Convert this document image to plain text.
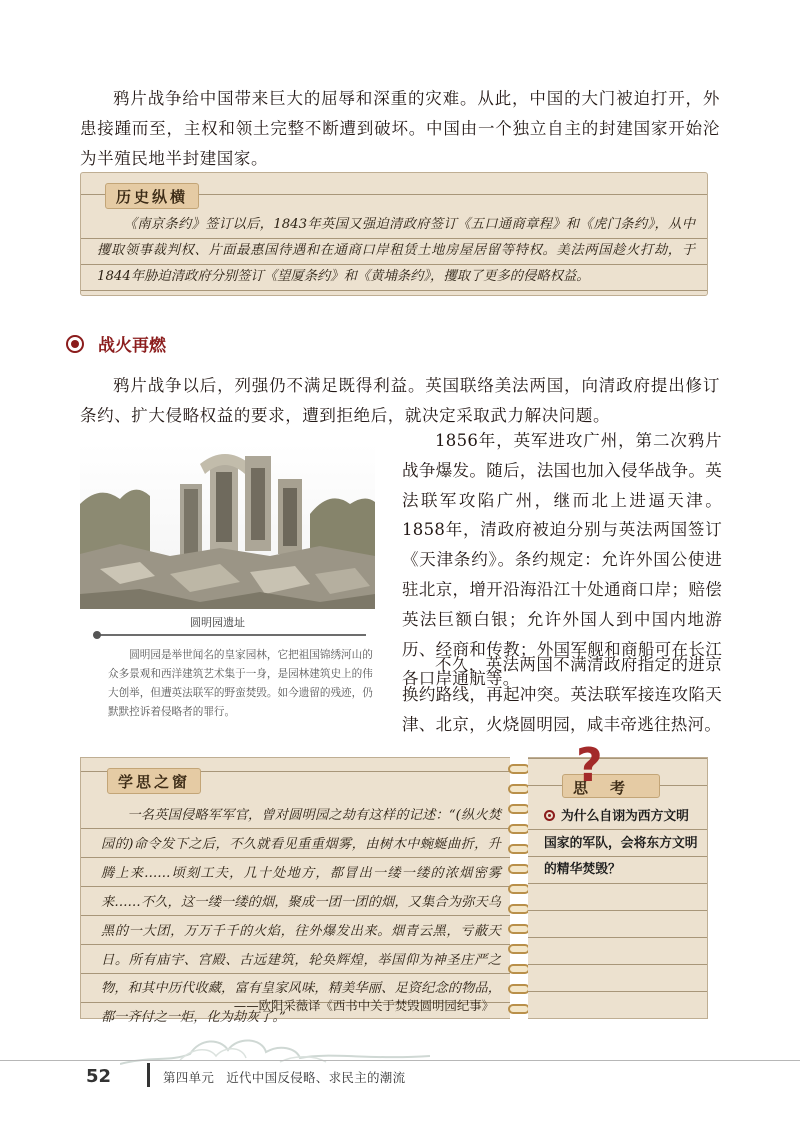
鸦片战争给中国带来巨大的屈辱和深重的灾难。从此，中国的大门被迫打开，外患接踵而至，主权和领土完整不断遭到破坏。中国由一个独立自主的封建国家开始沦为半殖民地半封建国家。

历史纵横

《南京条约》签订以后，1843年英国又强迫清政府签订《五口通商章程》和《虎门条约》，从中攫取领事裁判权、片面最惠国待遇和在通商口岸租赁土地房屋居留等特权。美法两国趁火打劫，于1844年胁迫清政府分别签订《望厦条约》和《黄埔条约》，攫取了更多的侵略权益。

战火再燃

鸦片战争以后，列强仍不满足既得利益。英国联络美法两国，向清政府提出修订条约、扩大侵略权益的要求，遭到拒绝后，就决定采取武力解决问题。

圆明园遗址

圆明园是举世闻名的皇家园林，它把祖国锦绣河山的众多景观和西洋建筑艺术集于一身，是园林建筑史上的伟大创举，但遭英法联军的野蛮焚毁。如今遗留的残迹，仍默默控诉着侵略者的罪行。

1856年，英军进攻广州，第二次鸦片战争爆发。随后，法国也加入侵华战争。英法联军攻陷广州，继而北上进逼天津。1858年，清政府被迫分别与英法两国签订《天津条约》。条约规定：允许外国公使进驻北京，增开沿海沿江十处通商口岸；赔偿英法巨额白银；允许外国人到中国内地游历、经商和传教；外国军舰和商船可在长江各口岸通航等。

不久，英法两国不满清政府指定的进京换约路线，再起冲突。英法联军接连攻陷天津、北京，火烧圆明园，咸丰帝逃往热河。

学思之窗

一名英国侵略军军官，曾对圆明园之劫有这样的记述：“(纵火焚园的)命令发下之后，不久就看见重重烟雾，由树木中蜿蜒曲折，升腾上来……顷刻工夫，几十处地方，都冒出一缕一缕的浓烟密雾来……不久，这一缕一缕的烟，聚成一团一团的烟，又集合为弥天乌黑的一大团，万万千千的火焰，往外爆发出来。烟青云黑，亏蔽天日。所有庙宇、宫殿、古远建筑，轮奂辉煌，举国仰为神圣庄严之物，和其中历代收藏，富有皇家风味，精美华丽、足资纪念的物品，都一齐付之一炬，化为劫灰了。”

——欧阳采薇译《西书中关于焚毁圆明园纪事》
思考

为什么自诩为西方文明国家的军队，会将东方文明的精华焚毁？

?
52	第四单元 近代中国反侵略、求民主的潮流
